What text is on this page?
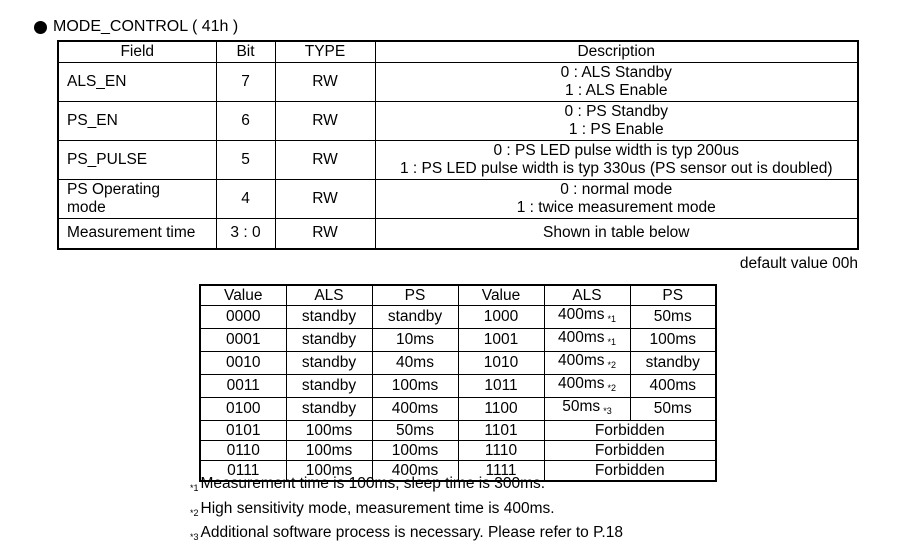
MODE_CONTROL ( 41h )
Field	Bit	TYPE	Description
ALS_EN	7	RW	0 : ALS Standby
1 : ALS Enable

PS_EN	6	RW	0 : PS Standby
1 : PS Enable

PS_PULSE	5	RW	0 : PS LED pulse width is typ 200us
1 : PS LED pulse width is typ 330us (PS sensor out is doubled)

PS Operating mode	4	RW	0 : normal mode
1 : twice measurement mode

Measurement time	3 : 0	RW	Shown in table below
default value 00h
Value	ALS	PS	Value	ALS	PS
0000	standby	standby	1000	400ms *1	50ms
0001	standby	10ms	1001	400ms *1	100ms
0010	standby	40ms	1010	400ms *2	standby
0011	standby	100ms	1011	400ms *2	400ms
0100	standby	400ms	1100	50ms *3	50ms
0101	100ms	50ms	1101	Forbidden	
0110	100ms	100ms	1110	Forbidden	
0111	100ms	400ms	1111	Forbidden	
*1 Measurement time is 100ms, sleep time is 300ms.
*2 High sensitivity mode, measurement time is 400ms.
*3 Additional software process is necessary. Please refer to P.18
